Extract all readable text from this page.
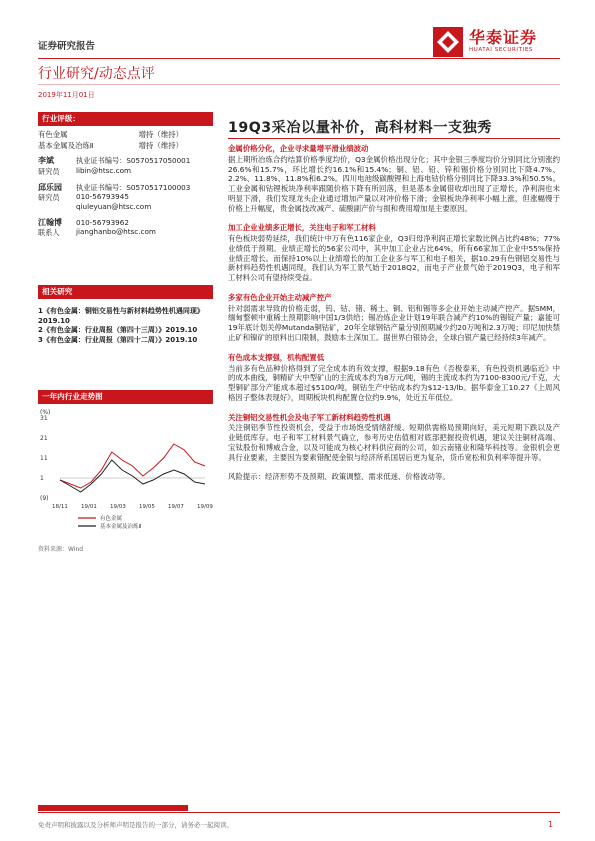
证券研究报告	华泰证券
HUATAI SECURITIES
行业研究/动态点评
2019年11月01日
行业评级：
有色金属	增持（维持）
基本金属及冶炼Ⅱ	增持（维持）
李斌
研究员
执业证书编号：S0570517050001
libin@htsc.com
邱乐园
研究员
执业证书编号：S0570517100003
010-56793945
qiuleyuan@htsc.com
江翰博
联系人
010-56793962
jianghanbo@htsc.com
相关研究
1《有色金属：铜铝交易性与新材料趋势性机遇同现》2019.10
2《有色金属：行业周报（第四十三周）》2019.10
3《有色金属：行业周报（第四十二周）》2019.10
一年内行业走势图
(%)
31
21
11
1
(9)
18/11 19/01 19/03 19/05 19/07 19/09
有色金属
基本金属及冶炼Ⅱ
资料来源：Wind
19Q3采冶以量补价，高科材料一支独秀
金属价格分化，企业寻求量增平滑业绩波动

据上期所冶炼合约结算价格季度均价，Q3金属价格出现分化；其中金银三季度均价分别同比分别涨约26.6%和15.7%，环比增长约16.1%和15.4%；铜、铝、铅、锌和锡价格分别同比下降4.7%、2.2%、11.8%、11.8%和6.2%。四川电池级碳酸锂和上海电钴价格分别同比下降33.3%和50.5%。工业金属和钴锂板块净利率跟随价格下降有所回落，但是基本金属借收却出现了正增长，净利润也未明显下滑，我们发现龙头企业通过增加产量以对冲价格下滑；金银板块净利率小幅上涨，但涨幅慢于价格上升幅度，贵金属技改减产、硫酸副产价与损和费用增加是主要原因。

加工企业业绩多正增长，关注电子和军工材料

有色板块弱势延续，我们统计中万有色116家企业，Q3归母净利润正增长家数比例占比约48%；77%业绩低于预期。业绩正增长的56家公司中，其中加工企业占比64%，所有66家加工企业中55%保持业绩正增长。而保持10%以上业绩增长的加工企业多与军工和电子相关，据10.29有色钢铝交易性与新材料趋势性机遇同现，我们认为军工景气始于2018Q2，而电子产业景气始于2019Q3，电子和军工材料公司有望持续受益。

多家有色企业开始主动减产控产

针对弱需求导致的价格走弱，钨、钴、锗、稀土、铜、铝和锡等多企业开始主动减产控产。据SMM，缅甸整顿中重稀土预期影响中国1/3供给；锡冶炼企业计划19年联合减产约10%的锡锭产量；嘉能可19年底计划关停Mutanda铜钴矿，20年全球钢钴产量分别预期减少约20万吨和2.3万吨；印尼加快禁止矿和镍矿的原料出口限制，鼓励本土深加工。据世界白银协会，全球白银产量已经持续3年减产。

有色成本支撑强，机构配置低

当前多有色品种价格得到了完全成本的有效支撑，根据9.18有色《否极泰来，有色投资机遇临近》中的成本曲线，铜精矿大中型矿山的主流成本约为8万元/吨，锡的主流成本约为7100-8300元/千克，大型铜矿部分产能成本超过$5100/吨，铜钴生产中钴成本约为$12-13/lb。据华泰金工10.27《上周风格因子整体表现好》，周期板块机构配置仓位约9.9%，处近五年低位。

关注铜铝交易性机会及电子军工新材料趋势性机遇

关注铜铝季节性投资机会，受益于市场饱受情绪舒缓、短期供需格局预期向好，美元短期下跌以及产业链低库存。电子和军工材料景气确立，参考历史估值相对底部把握投资机遇，建议关注铜材高端、宝钛股份和博威合金，以及可能成为核心材料供应商的公司，如云南锗业和隆华科技等。金银机会更具行业要素，主要因为要素错配使金银与经济所系国居后更为复杂，货币宽松和负利率等提升等。

风险提示：经济形势不及预期、政策调整、需求低迷、价格波动等。

免责声明和披露以及分析师声明是报告的一部分，请务必一起阅读。	1
